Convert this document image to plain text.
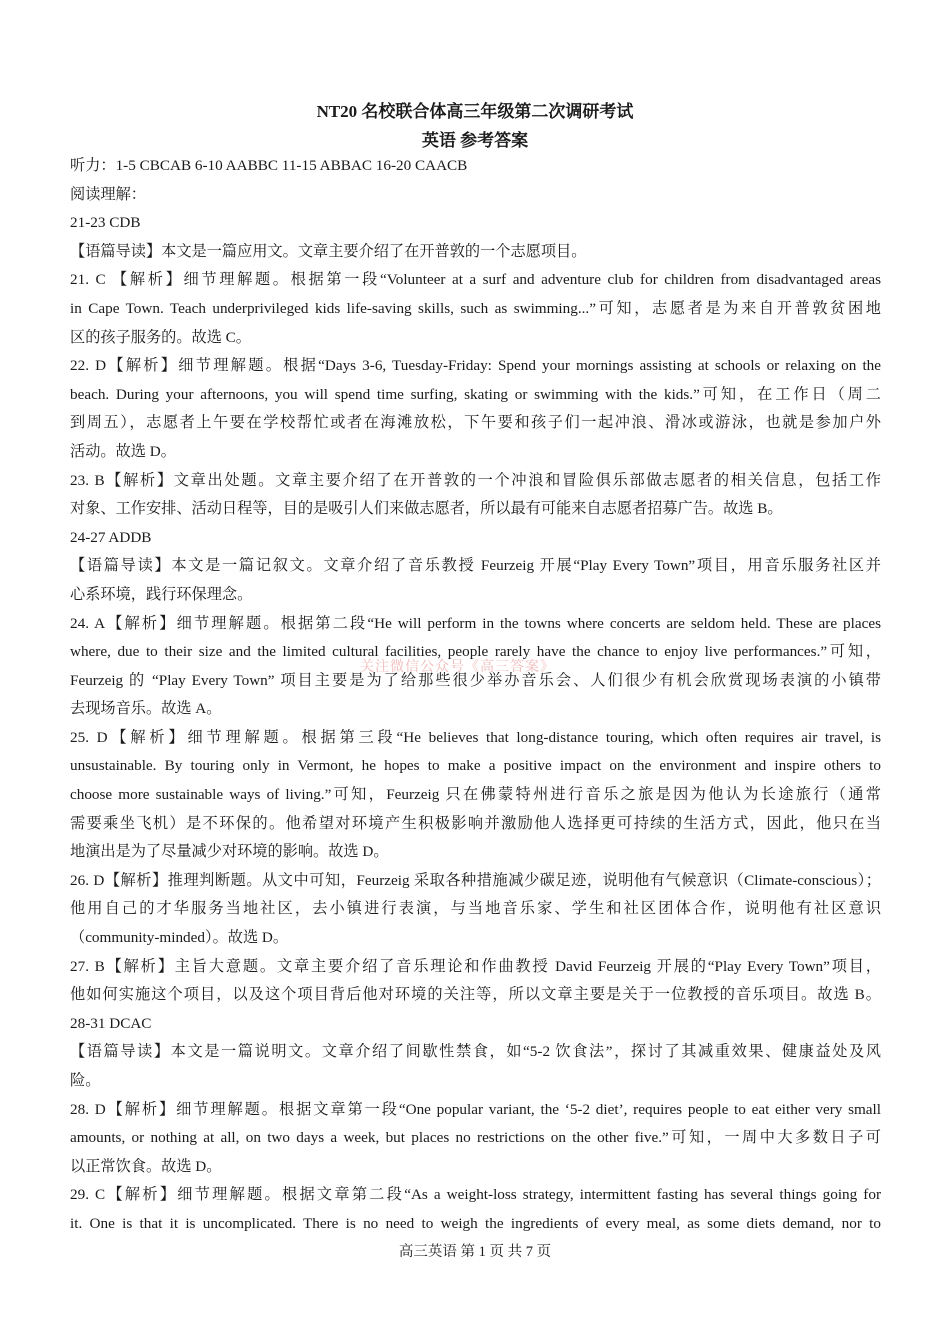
NT20 名校联合体高三年级第二次调研考试
英语 参考答案
听力：1-5 CBCAB 6-10 AABBC 11-15 ABBAC 16-20 CAACB
阅读理解：
21-23 CDB
【语篇导读】本文是一篇应用文。文章主要介绍了在开普敦的一个志愿项目。
21. C 【解析】细节理解题。根据第一段“Volunteer at a surf and adventure club for children from disadvantaged areas
in Cape Town. Teach underprivileged kids life-saving skills, such as swimming...”可知，志愿者是为来自开普敦贫困地
区的孩子服务的。故选 C。
22. D【解析】细节理解题。根据“Days 3-6, Tuesday-Friday: Spend your mornings assisting at schools or relaxing on the
beach. During your afternoons, you will spend time surfing, skating or swimming with the kids.”可知，在工作日（周二
到周五），志愿者上午要在学校帮忙或者在海滩放松，下午要和孩子们一起冲浪、滑冰或游泳，也就是参加户外
活动。故选 D。
23. B【解析】文章出处题。文章主要介绍了在开普敦的一个冲浪和冒险俱乐部做志愿者的相关信息，包括工作
对象、工作安排、活动日程等，目的是吸引人们来做志愿者，所以最有可能来自志愿者招募广告。故选 B。
24-27 ADDB
【语篇导读】本文是一篇记叙文。文章介绍了音乐教授 Feurzeig 开展“Play Every Town”项目，用音乐服务社区并
心系环境，践行环保理念。
24. A【解析】细节理解题。根据第二段“He will perform in the towns where concerts are seldom held. These are places
where, due to their size and the limited cultural facilities, people rarely have the chance to enjoy live performances.”可知，
Feurzeig 的 “Play Every Town” 项目主要是为了给那些很少举办音乐会、人们很少有机会欣赏现场表演的小镇带
去现场音乐。故选 A。
25. D【解析】细节理解题。根据第三段“He believes that long-distance touring, which often requires air travel, is
unsustainable. By touring only in Vermont, he hopes to make a positive impact on the environment and inspire others to
choose more sustainable ways of living.”可知，Feurzeig 只在佛蒙特州进行音乐之旅是因为他认为长途旅行（通常
需要乘坐飞机）是不环保的。他希望对环境产生积极影响并激励他人选择更可持续的生活方式，因此，他只在当
地演出是为了尽量减少对环境的影响。故选 D。
26. D【解析】推理判断题。从文中可知，Feurzeig 采取各种措施减少碳足迹，说明他有气候意识（Climate-conscious）；
他用自己的才华服务当地社区，去小镇进行表演，与当地音乐家、学生和社区团体合作，说明他有社区意识
（community-minded）。故选 D。
27. B【解析】主旨大意题。文章主要介绍了音乐理论和作曲教授 David Feurzeig 开展的“Play Every Town”项目，
他如何实施这个项目，以及这个项目背后他对环境的关注等，所以文章主要是关于一位教授的音乐项目。故选 B。
28-31 DCAC
【语篇导读】本文是一篇说明文。文章介绍了间歇性禁食，如“5-2 饮食法”，探讨了其减重效果、健康益处及风
险。
28. D【解析】细节理解题。根据文章第一段“One popular variant, the ‘5-2 diet’, requires people to eat either very small
amounts, or nothing at all, on two days a week, but places no restrictions on the other five.”可知，一周中大多数日子可
以正常饮食。故选 D。
29. C【解析】细节理解题。根据文章第二段“As a weight-loss strategy, intermittent fasting has several things going for
it. One is that it is uncomplicated. There is no need to weigh the ingredients of every meal, as some diets demand, nor to
关注微信公众号《高三答案》
高三英语 第 1 页 共 7 页
